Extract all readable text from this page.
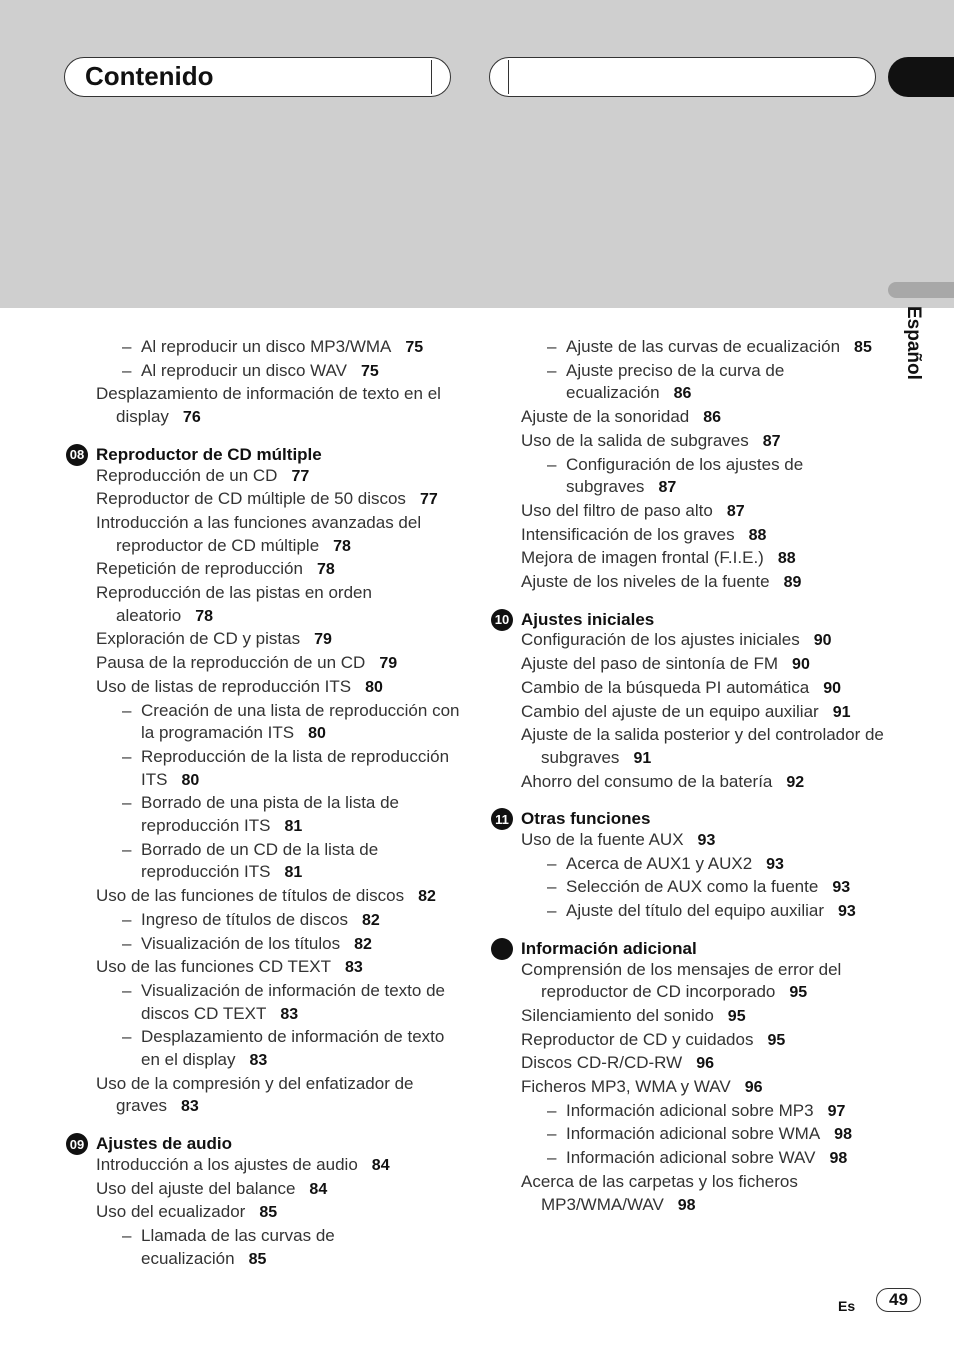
Contenido
Español
– Al reproducir un disco MP3/WMA 75
– Al reproducir un disco WAV 75
Desplazamiento de información de texto en el display 76
08 Reproductor de CD múltiple
Reproducción de un CD 77
Reproductor de CD múltiple de 50 discos 77
Introducción a las funciones avanzadas del reproductor de CD múltiple 78
Repetición de reproducción 78
Reproducción de las pistas en orden aleatorio 78
Exploración de CD y pistas 79
Pausa de la reproducción de un CD 79
Uso de listas de reproducción ITS 80
– Creación de una lista de reproducción con la programación ITS 80
– Reproducción de la lista de reproducción ITS 80
– Borrado de una pista de la lista de reproducción ITS 81
– Borrado de un CD de la lista de reproducción ITS 81
Uso de las funciones de títulos de discos 82
– Ingreso de títulos de discos 82
– Visualización de los títulos 82
Uso de las funciones CD TEXT 83
– Visualización de información de texto de discos CD TEXT 83
– Desplazamiento de información de texto en el display 83
Uso de la compresión y del enfatizador de graves 83
09 Ajustes de audio
Introducción a los ajustes de audio 84
Uso del ajuste del balance 84
Uso del ecualizador 85
– Llamada de las curvas de ecualización 85
– Ajuste de las curvas de ecualización 85
– Ajuste preciso de la curva de ecualización 86
Ajuste de la sonoridad 86
Uso de la salida de subgraves 87
– Configuración de los ajustes de subgraves 87
Uso del filtro de paso alto 87
Intensificación de los graves 88
Mejora de imagen frontal (F.I.E.) 88
Ajuste de los niveles de la fuente 89
10 Ajustes iniciales
Configuración de los ajustes iniciales 90
Ajuste del paso de sintonía de FM 90
Cambio de la búsqueda PI automática 90
Cambio del ajuste de un equipo auxiliar 91
Ajuste de la salida posterior y del controlador de subgraves 91
Ahorro del consumo de la batería 92
11 Otras funciones
Uso de la fuente AUX 93
– Acerca de AUX1 y AUX2 93
– Selección de AUX como la fuente 93
– Ajuste del título del equipo auxiliar 93
Información adicional
Comprensión de los mensajes de error del reproductor de CD incorporado 95
Silenciamiento del sonido 95
Reproductor de CD y cuidados 95
Discos CD-R/CD-RW 96
Ficheros MP3, WMA y WAV 96
– Información adicional sobre MP3 97
– Información adicional sobre WMA 98
– Información adicional sobre WAV 98
Acerca de las carpetas y los ficheros MP3/WMA/WAV 98
Es	49
